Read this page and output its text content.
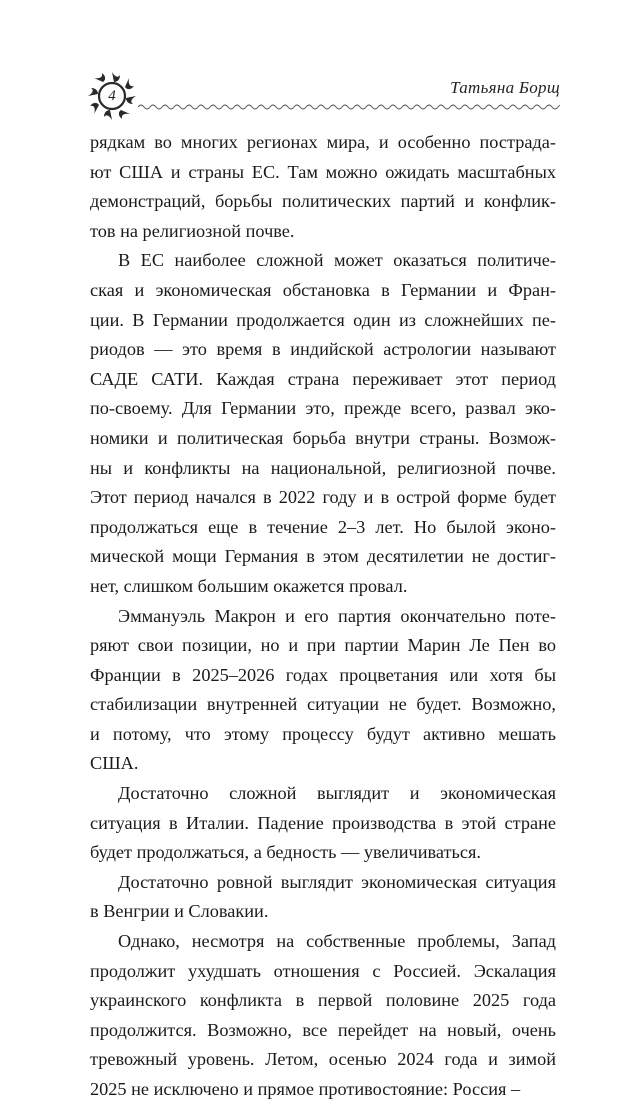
4	Татьяна Борщ
рядкам во многих регионах мира, и особенно пострада-
ют США и страны ЕС. Там можно ожидать масштабных
демонстраций, борьбы политических партий и конфлик-
тов на религиозной почве.
В ЕС наиболее сложной может оказаться политиче-
ская и экономическая обстановка в Германии и Фран-
ции. В Германии продолжается один из сложнейших пе-
риодов — это время в индийской астрологии называют
САДЕ САТИ. Каждая страна переживает этот период
по-своему. Для Германии это, прежде всего, развал эко-
номики и политическая борьба внутри страны. Возмож-
ны и конфликты на национальной, религиозной почве.
Этот период начался в 2022 году и в острой форме будет
продолжаться еще в течение 2–3 лет. Но былой эконо-
мической мощи Германия в этом десятилетии не достиг-
нет, слишком большим окажется провал.
Эммануэль Макрон и его партия окончательно поте-
ряют свои позиции, но и при партии Марин Ле Пен во
Франции в 2025–2026 годах процветания или хотя бы
стабилизации внутренней ситуации не будет. Возможно,
и потому, что этому процессу будут активно мешать
США.
Достаточно сложной выглядит и экономическая
ситуация в Италии. Падение производства в этой стране
будет продолжаться, а бедность — увеличиваться.
Достаточно ровной выглядит экономическая ситуация
в Венгрии и Словакии.
Однако, несмотря на собственные проблемы, Запад
продолжит ухудшать отношения с Россией. Эскалация
украинского конфликта в первой половине 2025 года
продолжится. Возможно, все перейдет на новый, очень
тревожный уровень. Летом, осенью 2024 года и зимой
2025 не исключено и прямое противостояние: Россия –
